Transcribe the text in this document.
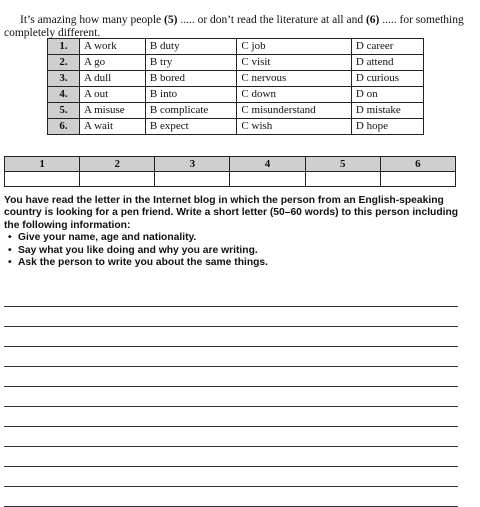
It’s amazing how many people (5) ..... or don’t read the literature at all and (6) ..... for something completely different.

1.	A work	B duty	C job	D career
2.	A go	B try	C visit	D attend
3.	A dull	B bored	C nervous	D curious
4.	A out	B into	C down	D on
5.	A misuse	B complicate	C misunderstand	D mistake
6.	A wait	B expect	C wish	D hope
1	2	3	4	5	6

You have read the letter in the Internet blog in which the person from an English-speaking country is looking for a pen friend. Write a short letter (50–60 words) to this person including the following information:

• Give your name, age and nationality.
• Say what you like doing and why you are writing.
• Ask the person to write you about the same things.
